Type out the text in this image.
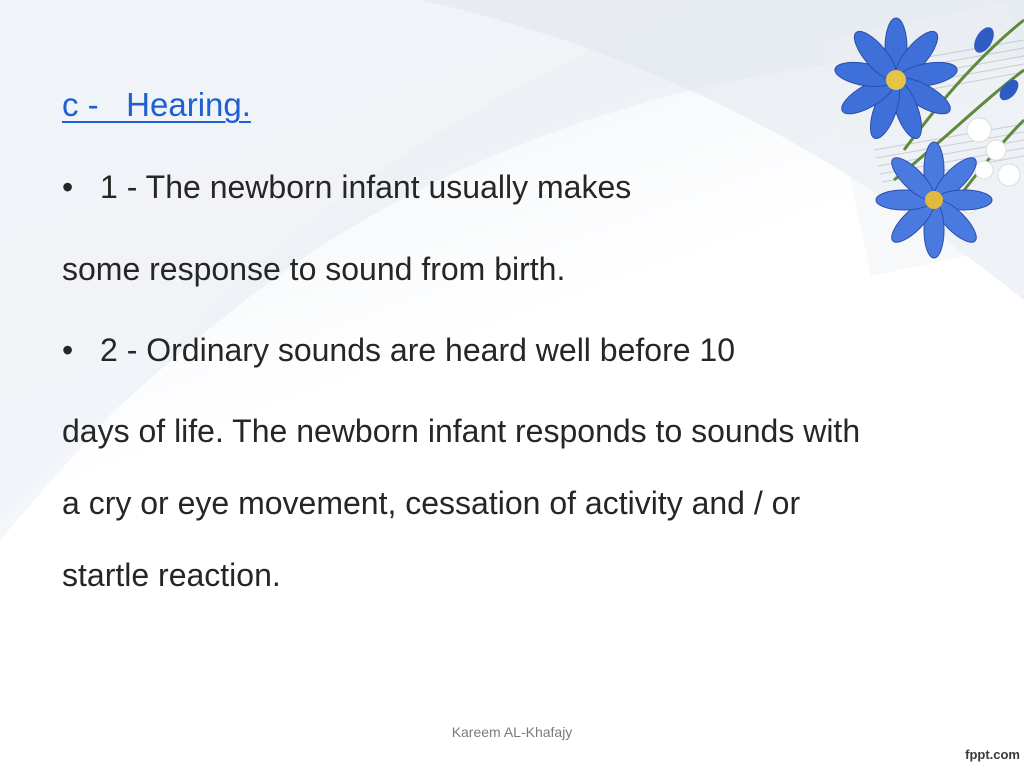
c -   Hearing.
• 1 - The newborn infant usually makes
some response to sound from birth.
• 2 - Ordinary sounds are heard well before 10
days of life. The newborn infant responds to sounds with
a cry or eye movement, cessation of activity and / or
startle reaction.
Kareem AL-Khafajy
fppt.com
